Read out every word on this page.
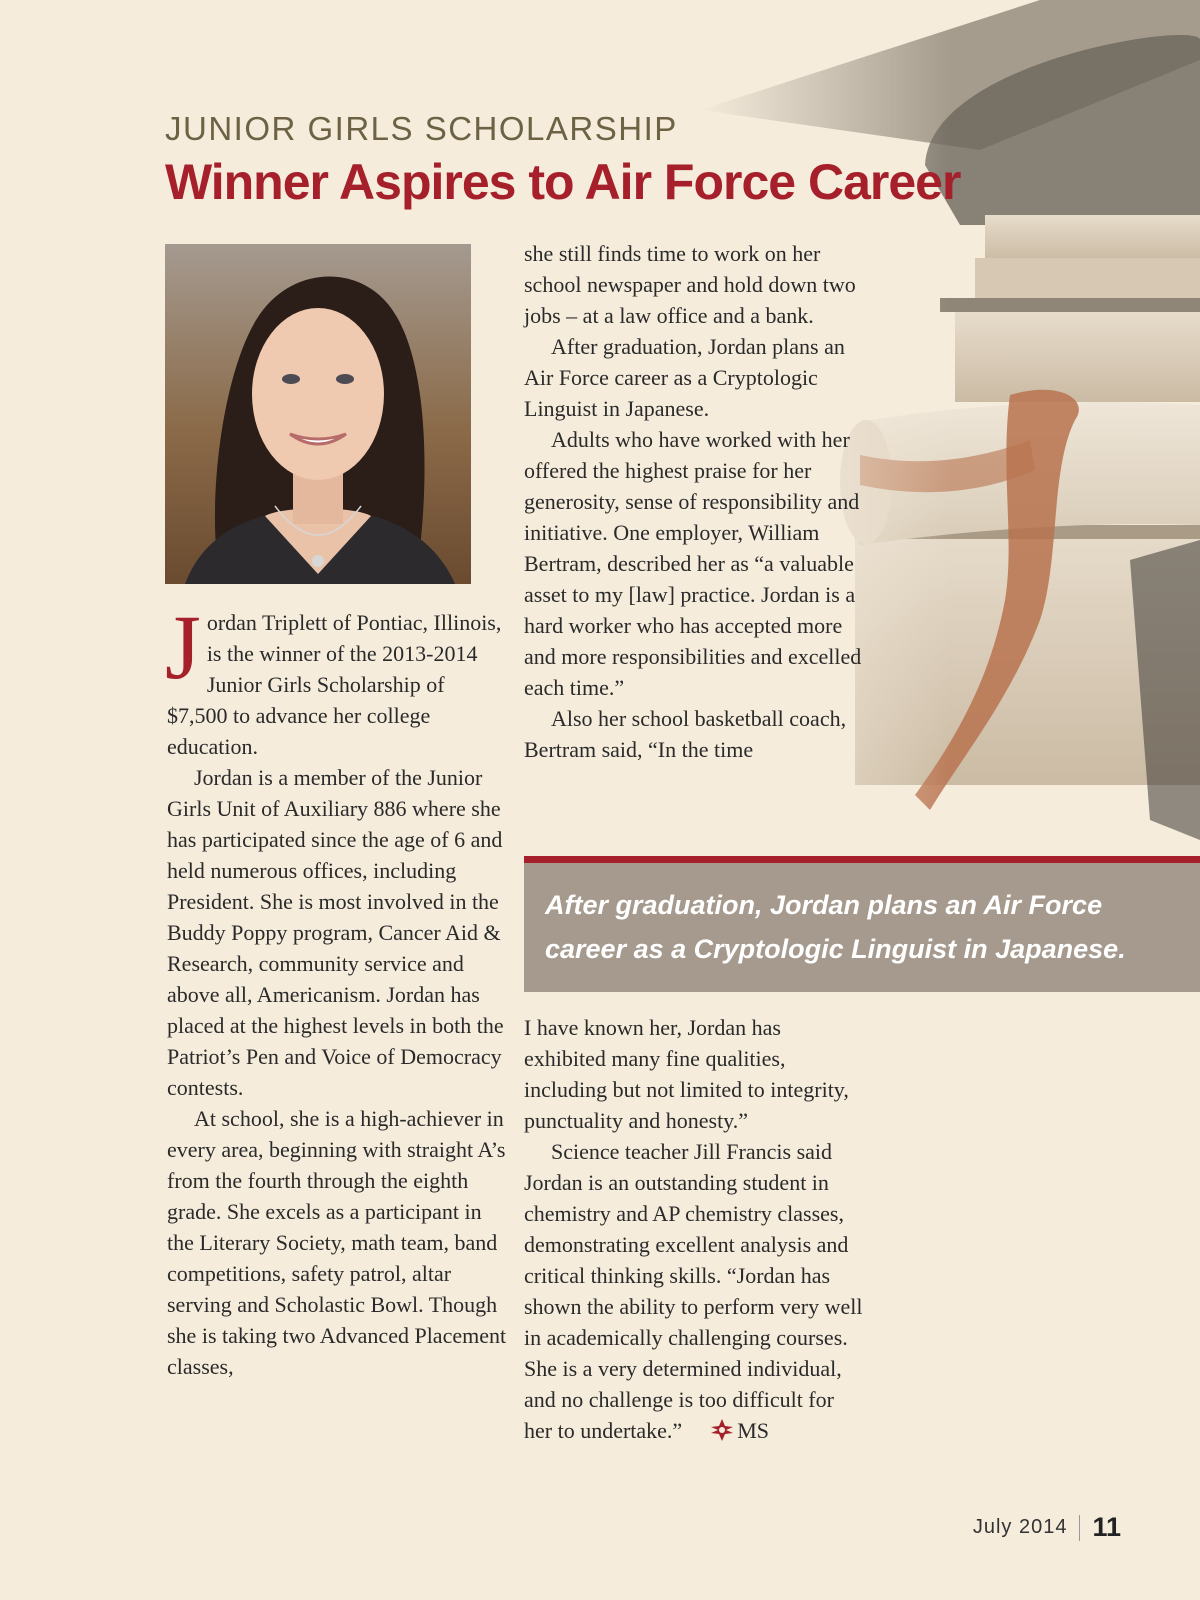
JUNIOR GIRLS SCHOLARSHIP
Winner Aspires to Air Force Career

Jordan Triplett of Pontiac, Illinois, is the winner of the 2013-2014 Junior Girls Scholarship of $7,500 to advance her college education.

Jordan is a member of the Junior Girls Unit of Auxiliary 886 where she has participated since the age of 6 and held numerous offices, including President. She is most involved in the Buddy Poppy program, Cancer Aid & Research, community service and above all, Americanism. Jordan has placed at the highest levels in both the Patriot’s Pen and Voice of Democracy contests.

At school, she is a high-achiever in every area, beginning with straight A’s from the fourth through the eighth grade. She excels as a participant in the Literary Society, math team, band competitions, safety patrol, altar serving and Scholastic Bowl. Though she is taking two Advanced Placement classes,

she still finds time to work on her school newspaper and hold down two jobs – at a law office and a bank.

After graduation, Jordan plans an Air Force career as a Cryptologic Linguist in Japanese.

Adults who have worked with her offered the highest praise for her generosity, sense of responsibility and initiative. One employer, William Bertram, described her as “a valuable asset to my [law] practice. Jordan is a hard worker who has accepted more and more responsibilities and excelled each time.”

Also her school basketball coach, Bertram said, “In the time

After graduation, Jordan plans an Air Force career as a Cryptologic Linguist in Japanese.

I have known her, Jordan has exhibited many fine qualities, including but not limited to integrity, punctuality and honesty.”

Science teacher Jill Francis said Jordan is an outstanding student in chemistry and AP chemistry classes, demonstrating excellent analysis and critical thinking skills. “Jordan has shown the ability to perform very well in academically challenging courses. She is a very determined individual, and no challenge is too difficult for her to undertake.”	MS

July 2014 11
